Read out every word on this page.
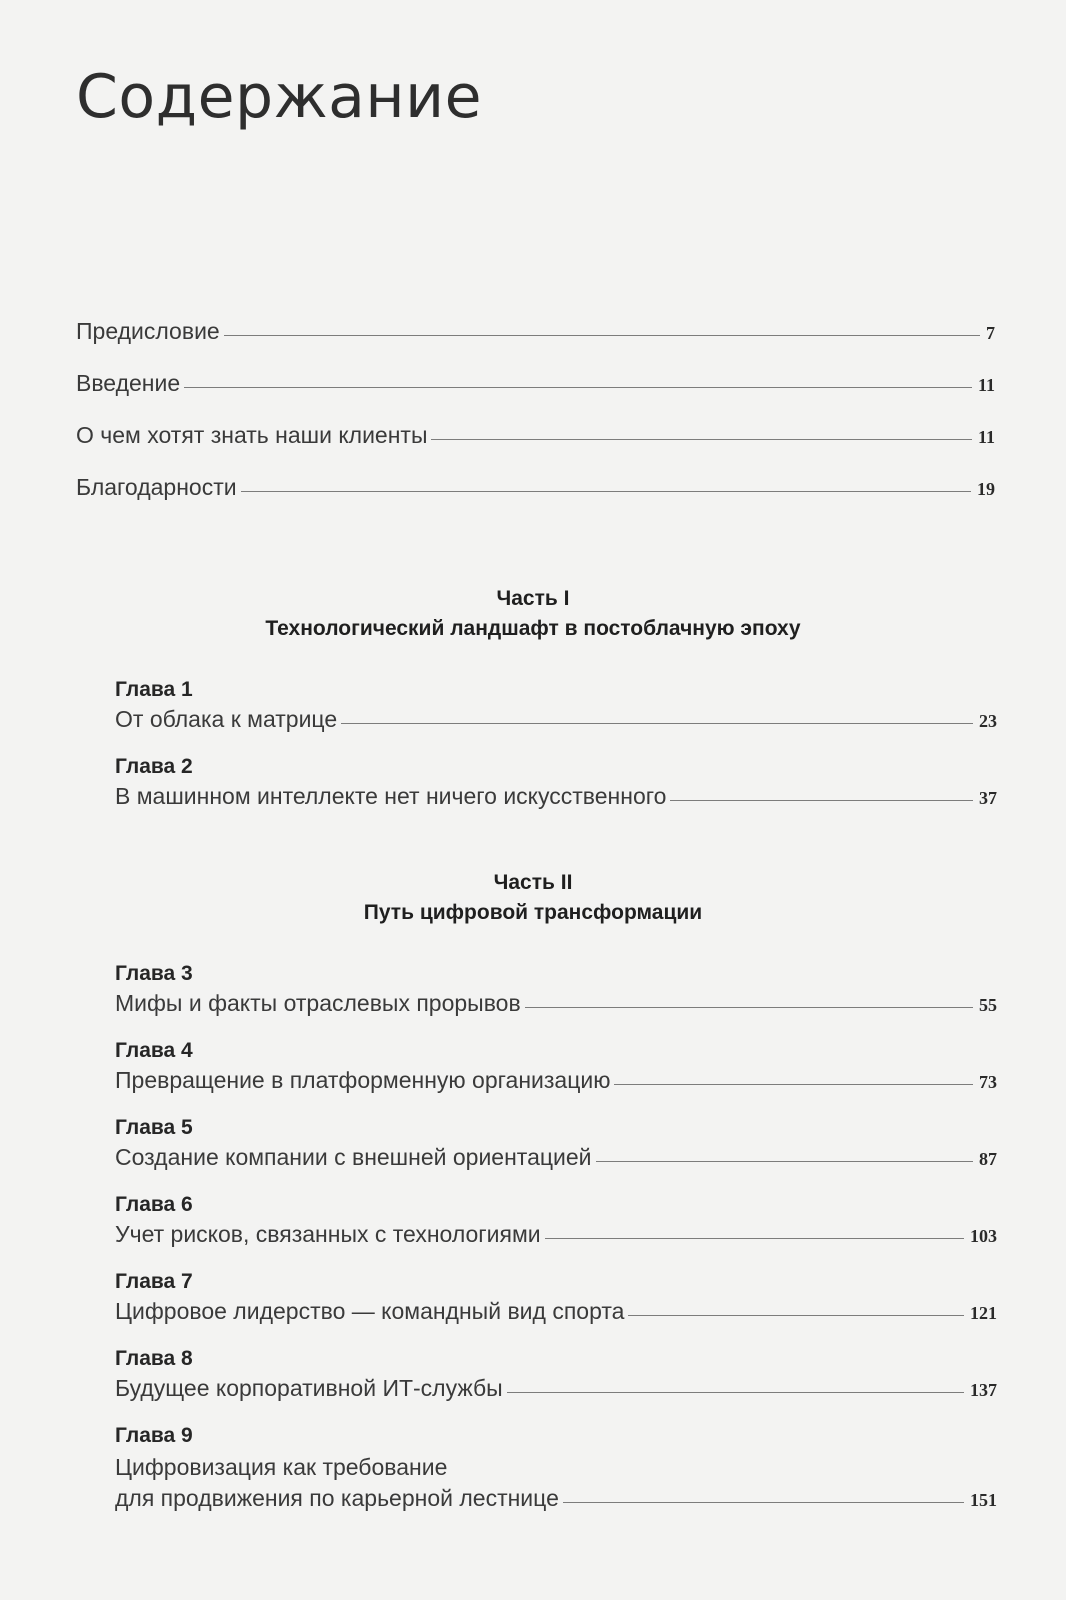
Содержание
Предисловие	7
Введение	11
О чем хотят знать наши клиенты	11
Благодарности	19
Часть I
Технологический ландшафт в постоблачную эпоху
Глава 1
От облака к матрице	23
Глава 2
В машинном интеллекте нет ничего искусственного	37
Часть II
Путь цифровой трансформации
Глава 3
Мифы и факты отраслевых прорывов	55
Глава 4
Превращение в платформенную организацию	73
Глава 5
Создание компании с внешней ориентацией	87
Глава 6
Учет рисков, связанных с технологиями	103
Глава 7
Цифровое лидерство — командный вид спорта	121
Глава 8
Будущее корпоративной ИТ-службы	137
Глава 9
Цифровизация как требование
для продвижения по карьерной лестнице	151
